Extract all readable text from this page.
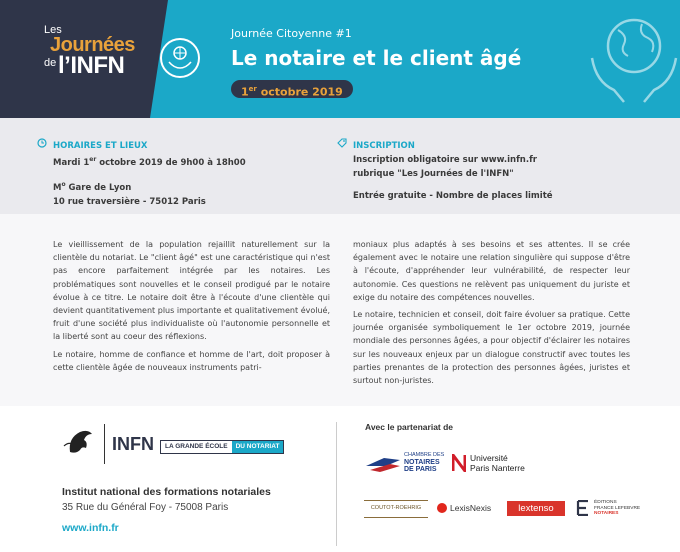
Les
Journées
de l’INFN
Journée Citoyenne #1
Le notaire et le client âgé
1er octobre 2019
HORAIRES ET LIEUX

Mardi 1er octobre 2019 de 9h00 à 18h00

$M^o$ Gare de Lyon

10 rue traversière - 75012 Paris

INSCRIPTION

Inscription obligatoire sur www.infn.fr

rubrique "Les Journées de l'INFN"

Entrée gratuite - Nombre de places limité

Le vieillissement de la population rejaillit naturellement sur la clientèle du notariat. Le "client âgé" est une caractéristique qui n'est pas encore parfaitement intégrée par les notaires. Les problématiques sont nouvelles et le conseil prodigué par le notaire évolue à ce titre. Le notaire doit être à l'écoute d'une clientèle qui devient quantitativement plus importante et qualitativement évolué, fruit d'une société plus individualiste où l'autonomie personnelle et la liberté sont au coeur des réflexions.

Le notaire, homme de confiance et homme de l'art, doit proposer à cette clientèle âgée de nouveaux instruments patri-

moniaux plus adaptés à ses besoins et ses attentes. Il se crée également avec le notaire une relation singulière qui suppose d'être à l'écoute, d'appréhender leur vulnérabilité, de respecter leur autonomie. Ces questions ne relèvent pas uniquement du juriste et exige du notaire des compétences nouvelles.

Le notaire, technicien et conseil, doit faire évoluer sa pratique. Cette journée organisée symboliquement le 1er octobre 2019, journée mondiale des personnes âgées, a pour objectif d'éclairer les notaires sur les nouveaux enjeux par un dialogue constructif avec toutes les parties prenantes de la protection des personnes âgées, juristes et surtout non-juristes.

INFN	LA GRANDE ÉCOLE DU NOTARIAT
Institut national des formations notariales
35 Rue du Général Foy - 75008 Paris
www.infn.fr
Avec le partenariat de
CHAMBRE DES
NOTAIRES
DE PARIS
Université
Paris Nanterre
COUTOT-ROEHRIG	LexisNexis	lextenso
ÉDITIONS
FRANCE LEFEBVRE
NOTAIRES
